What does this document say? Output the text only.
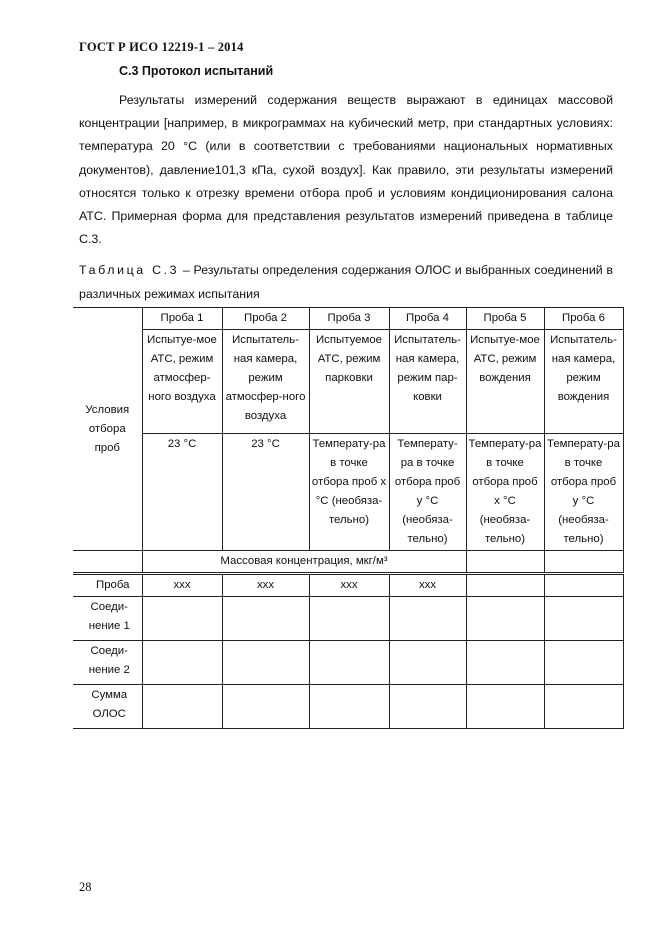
ГОСТ Р ИСО 12219-1 – 2014
С.3 Протокол испытаний

Результаты измерений содержания веществ выражают в единицах массовой концентрации [например, в микрограммах на кубический метр, при стандартных условиях: температура 20 °С (или в соответствии с требованиями национальных нормативных документов), давление101,3 кПа, сухой воздух]. Как правило, эти результаты измерений относятся только к отрезку времени отбора проб и условиям кондиционирования салона АТС. Примерная форма для представления результатов измерений приведена в таблице С.3.

Таблица С.3 – Результаты определения содержания ОЛОС и выбранных соединений в различных режимах испытания

Условия отбора проб	Проба 1	Проба 2	Проба 3	Проба 4	Проба 5	Проба 6
	Испытуе-мое АТС, режим атмосфер-ного воздуха	Испытатель-ная камера, режим атмосфер-ного воздуха	Испытуемое АТС, режим парковки	Испытатель-ная камера, режим пар-ковки	Испытуе-мое АТС, режим вождения	Испытатель-ная камера, режим вождения
	23 °С	23 °С	Температу-ра в точке отбора проб x °С (необяза-тельно)	Температу-ра в точке отбора проб y °С (необяза-тельно)	Температу-ра в точке отбора проб x °С (необяза-тельно)	Температу-ра в точке отбора проб y °С (необяза-тельно)
	Массовая концентрация, мкг/м³					
Проба	xxx	xxx	xxx	xxx		
Соеди-нение 1						
Соеди-нение 2						
Сумма ОЛОС						
28
